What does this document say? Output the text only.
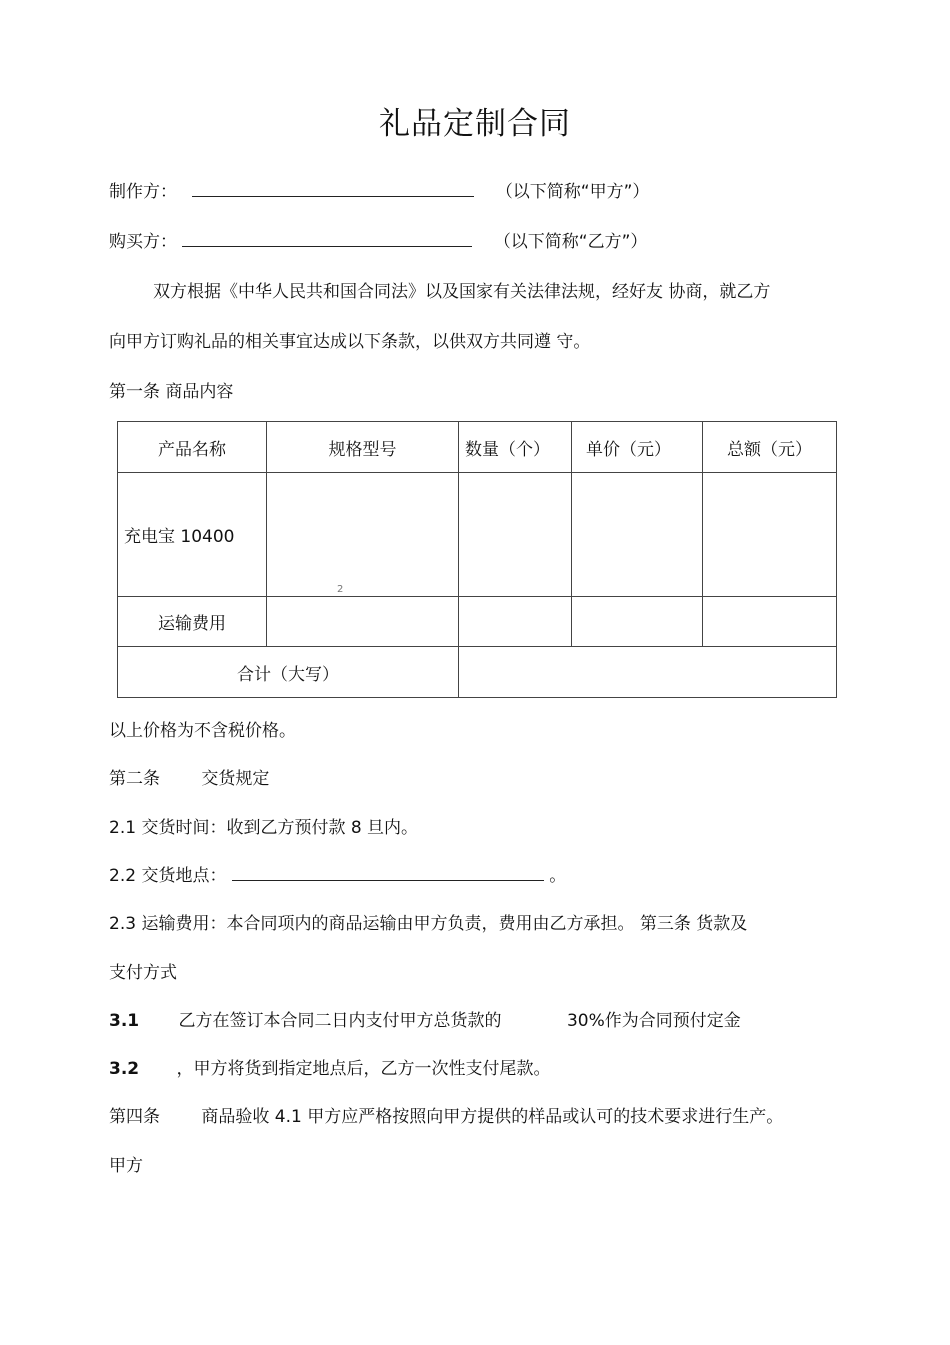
礼品定制合同
制作方：	（以下简称“甲方”）
购买方：	（以下简称“乙方”）
双方根据《中华人民共和国合同法》以及国家有关法律法规，经好友 协商，就乙方
向甲方订购礼品的相关事宜达成以下条款，以供双方共同遵 守。
第一条 商品内容
产品名称	规格型号	数量（个）	单价（元）	总额（元）
充电宝 10400				
运输费用				
合计（大写）				
2
以上价格为不含税价格。
第二条 交货规定
2.1 交货时间：收到乙方预付款 8 旦内。
2.2 交货地点：	。
2.3 运输费用：本合同项内的商品运输由甲方负责，费用由乙方承担。 第三条 货款及
支付方式
3.1 乙方在签订本合同二日内支付甲方总货款的	30%作为合同预付定金
3.2 ，甲方将货到指定地点后，乙方一次性支付尾款。
第四条 商品验收 4.1 甲方应严格按照向甲方提供的样品或认可的技术要求进行生产。
甲方
